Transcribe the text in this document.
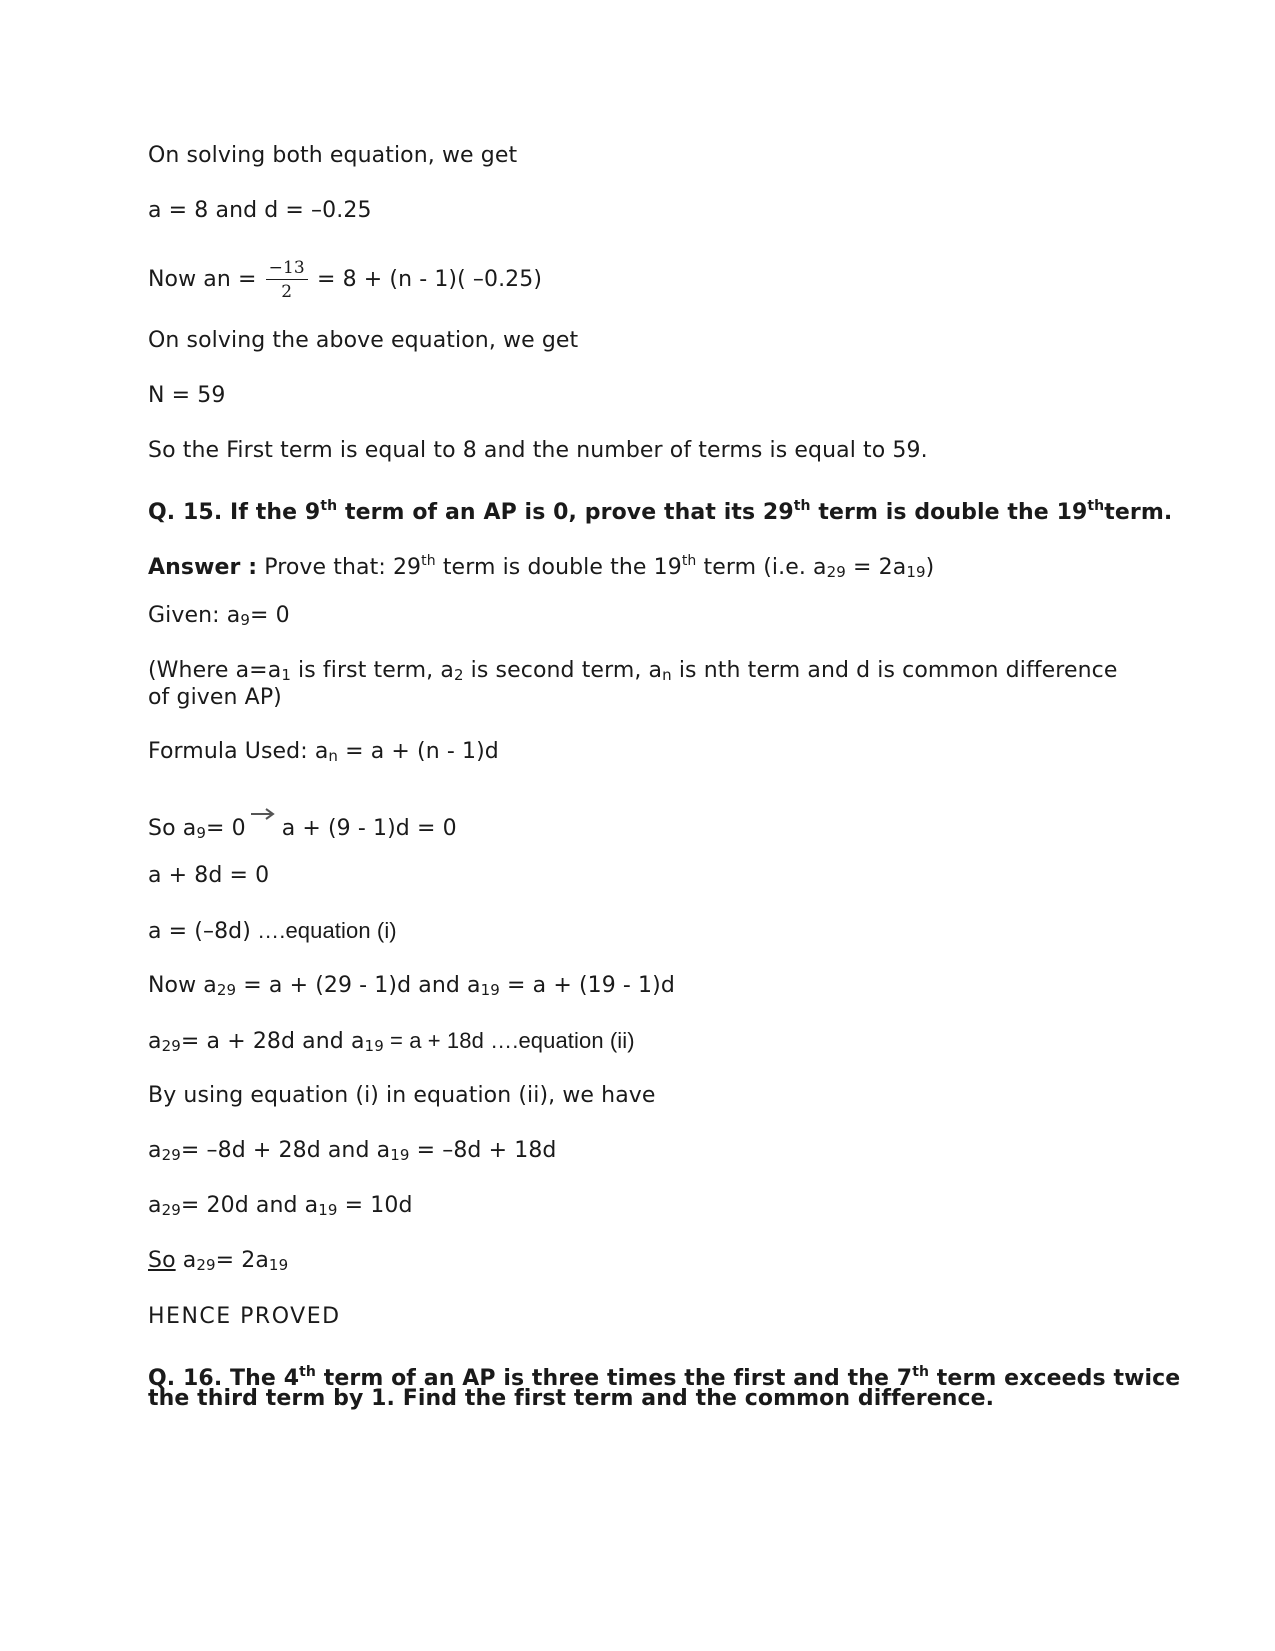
On solving both equation, we get
a = 8 and d = –0.25
Now an = $\frac{-13}{2} = 8 + (n - 1)$( –0.25)
On solving the above equation, we get
N = 59
So the First term is equal to 8 and the number of terms is equal to 59.
Q. 15. If the 9th term of an AP is 0, prove that its 29th term is double the 19thterm.
Answer : Prove that: 29th term is double the 19th term (i.e. $a_{29} = 2a_{19}$)
Given: $a_9= 0$
(Where $a=a_1$ is first term, $a_2$ is second term, $a_n$ is nth term and d is common difference
of given AP)
Formula Used: $a_n = a + (n - 1)d$
So $a_9= 0$ a + (9 - 1)d = 0
a + 8d = 0
a = (–8d) ….equation (i)
Now $a_{29} = a + (29 - 1)d$ and $a_{19} = a + (19 - 1)d$
$a_{29}= a + 28d$ and $a_{19} = a + 18d$ ….equation (ii)
By using equation (i) in equation (ii), we have
$a_{29}= -8d + 28d$ and $a_{19} = -8d + 18d$
$a_{29}= 20d$ and $a_{19} = 10d$
So $a_{29}= 2a_{19}$
HENCE PROVED
Q. 16. The 4th term of an AP is three times the first and the 7th term exceeds twice
the third term by 1. Find the first term and the common difference.
